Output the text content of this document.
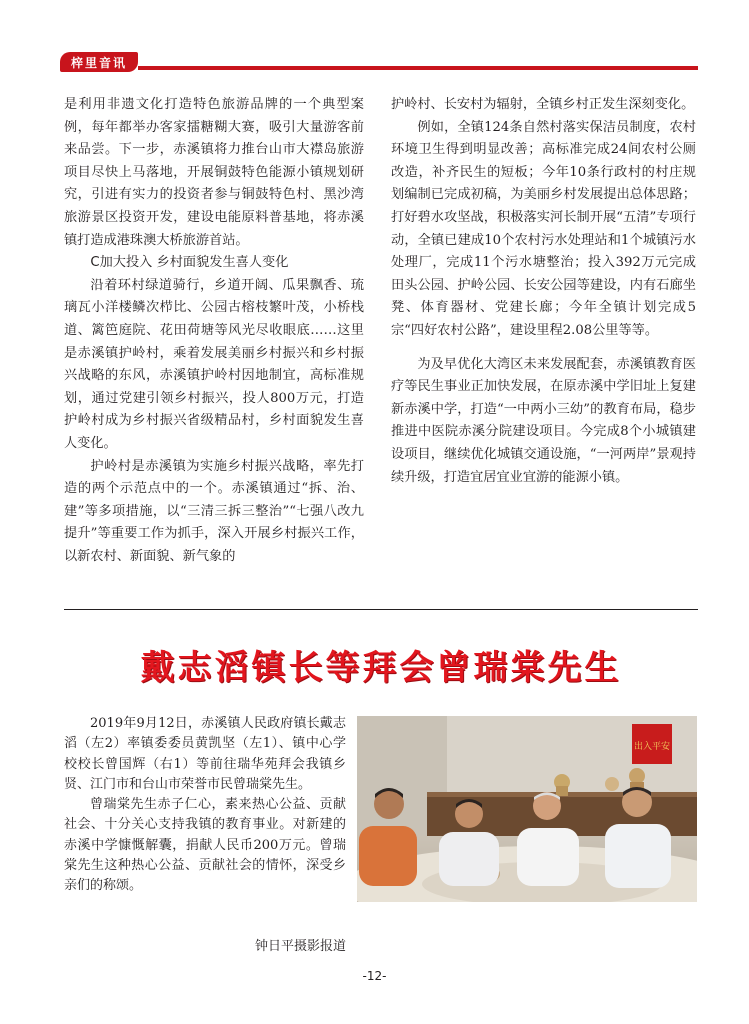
梓里音讯

是利用非遗文化打造特色旅游品牌的一个典型案例，每年都举办客家擂糖糊大赛，吸引大量游客前来品尝。下一步，赤溪镇将力推台山市大襟岛旅游项目尽快上马落地，开展铜鼓特色能源小镇规划研究，引进有实力的投资者参与铜鼓特色村、黑沙湾旅游景区投资开发，建设电能原料普基地，将赤溪镇打造成港珠澳大桥旅游首站。

C加大投入 乡村面貌发生喜人变化

沿着环村绿道骑行，乡道开阔、瓜果飘香、琉璃瓦小洋楼鳞次栉比、公园古榕枝繁叶茂，小桥栈道、篱笆庭院、花田荷塘等风光尽收眼底……这里是赤溪镇护岭村，乘着发展美丽乡村振兴和乡村振兴战略的东风，赤溪镇护岭村因地制宜，高标准规划，通过党建引领乡村振兴，投人800万元，打造护岭村成为乡村振兴省级精品村，乡村面貌发生喜人变化。

护岭村是赤溪镇为实施乡村振兴战略，率先打造的两个示范点中的一个。赤溪镇通过“拆、治、建”等多项措施，以“三清三拆三整治”“七强八改九提升”等重要工作为抓手，深入开展乡村振兴工作，以新农村、新面貌、新气象的

护岭村、长安村为辐射，全镇乡村正发生深刻变化。

例如，全镇124条自然村落实保洁员制度，农村环境卫生得到明显改善；高标准完成24间农村公厕改造，补齐民生的短板；今年10条行政村的村庄规划编制已完成初稿，为美丽乡村发展提出总体思路；打好碧水攻坚战，积极落实河长制开展“五清”专项行动，全镇已建成10个农村污水处理站和1个城镇污水处理厂，完成11个污水塘整治；投入392万元完成田头公园、护岭公园、长安公园等建设，内有石廊坐凳、体育器材、党建长廊；今年全镇计划完成5宗“四好农村公路”，建设里程2.08公里等等。

为及早优化大湾区未来发展配套，赤溪镇教育医疗等民生事业正加快发展，在原赤溪中学旧址上复建新赤溪中学，打造“一中两小三幼”的教育布局，稳步推进中医院赤溪分院建设项目。今完成8个小城镇建设项目，继续优化城镇交通设施，“一河两岸”景观持续升级，打造宜居宜业宜游的能源小镇。

戴志滔镇长等拜会曾瑞棠先生

2019年9月12日，赤溪镇人民政府镇长戴志滔（左2）率镇委委员黄凯坚（左1）、镇中心学校校长曾国辉（右1）等前往瑞华苑拜会我镇乡贤、江门市和台山市荣誉市民曾瑞棠先生。

曾瑞棠先生赤子仁心，素来热心公益、贡献社会、十分关心支持我镇的教育事业。对新建的赤溪中学慷慨解囊，捐献人民币200万元。曾瑞棠先生这种热心公益、贡献社会的情怀，深受乡亲们的称颂。

钟日平摄影报道
出入平安
-12-
